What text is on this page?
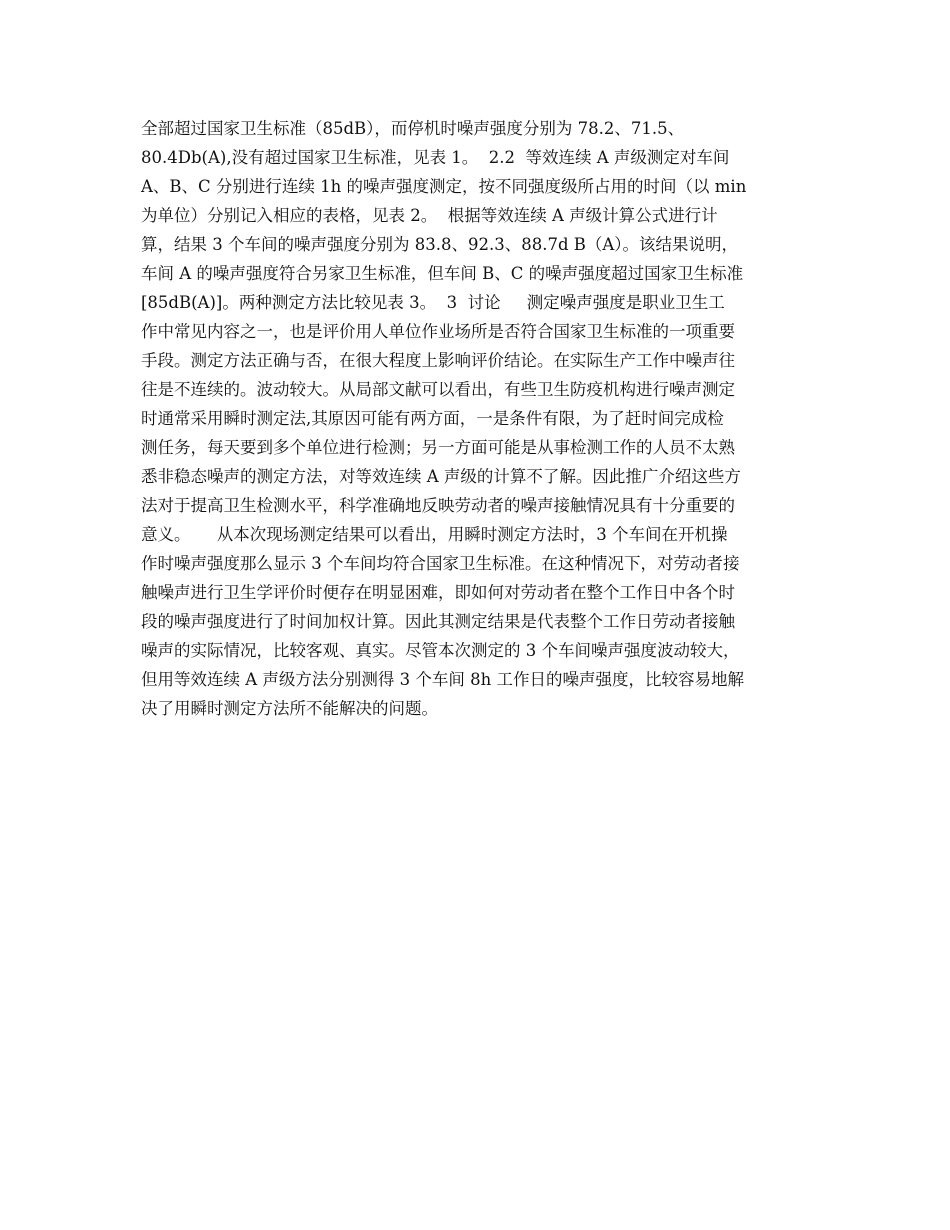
全部超过国家卫生标准（85dB），而停机时噪声强度分别为 78.2、71.5、
80.4Db(A),没有超过国家卫生标准，见表 1。  2.2  等效连续 A 声级测定对车间
A、B、C 分别进行连续 1h 的噪声强度测定，按不同强度级所占用的时间（以 min
为单位）分别记入相应的表格，见表 2。  根据等效连续 A 声级计算公式进行计
算，结果 3 个车间的噪声强度分别为 83.8、92.3、88.7d B（A）。该结果说明，
车间 A 的噪声强度符合另家卫生标准，但车间 B、C 的噪声强度超过国家卫生标准
[85dB(A)]。两种测定方法比较见表 3。  3  讨论     测定噪声强度是职业卫生工
作中常见内容之一，也是评价用人单位作业场所是否符合国家卫生标准的一项重要
手段。测定方法正确与否，在很大程度上影响评价结论。在实际生产工作中噪声往
往是不连续的。波动较大。从局部文献可以看出，有些卫生防疫机构进行噪声测定
时通常采用瞬时测定法,其原因可能有两方面，一是条件有限，为了赶时间完成检
测任务，每天要到多个单位进行检测；另一方面可能是从事检测工作的人员不太熟
悉非稳态噪声的测定方法，对等效连续 A 声级的计算不了解。因此推广介绍这些方
法对于提高卫生检测水平，科学准确地反映劳动者的噪声接触情况具有十分重要的
意义。     从本次现场测定结果可以看出，用瞬时测定方法时，3 个车间在开机操
作时噪声强度那么显示 3 个车间均符合国家卫生标准。在这种情况下，对劳动者接
触噪声进行卫生学评价时便存在明显困难，即如何对劳动者在整个工作日中各个时
段的噪声强度进行了时间加权计算。因此其测定结果是代表整个工作日劳动者接触
噪声的实际情况，比较客观、真实。尽管本次测定的 3 个车间噪声强度波动较大，
但用等效连续 A 声级方法分别测得 3 个车间 8h 工作日的噪声强度，比较容易地解
决了用瞬时测定方法所不能解决的问题。
